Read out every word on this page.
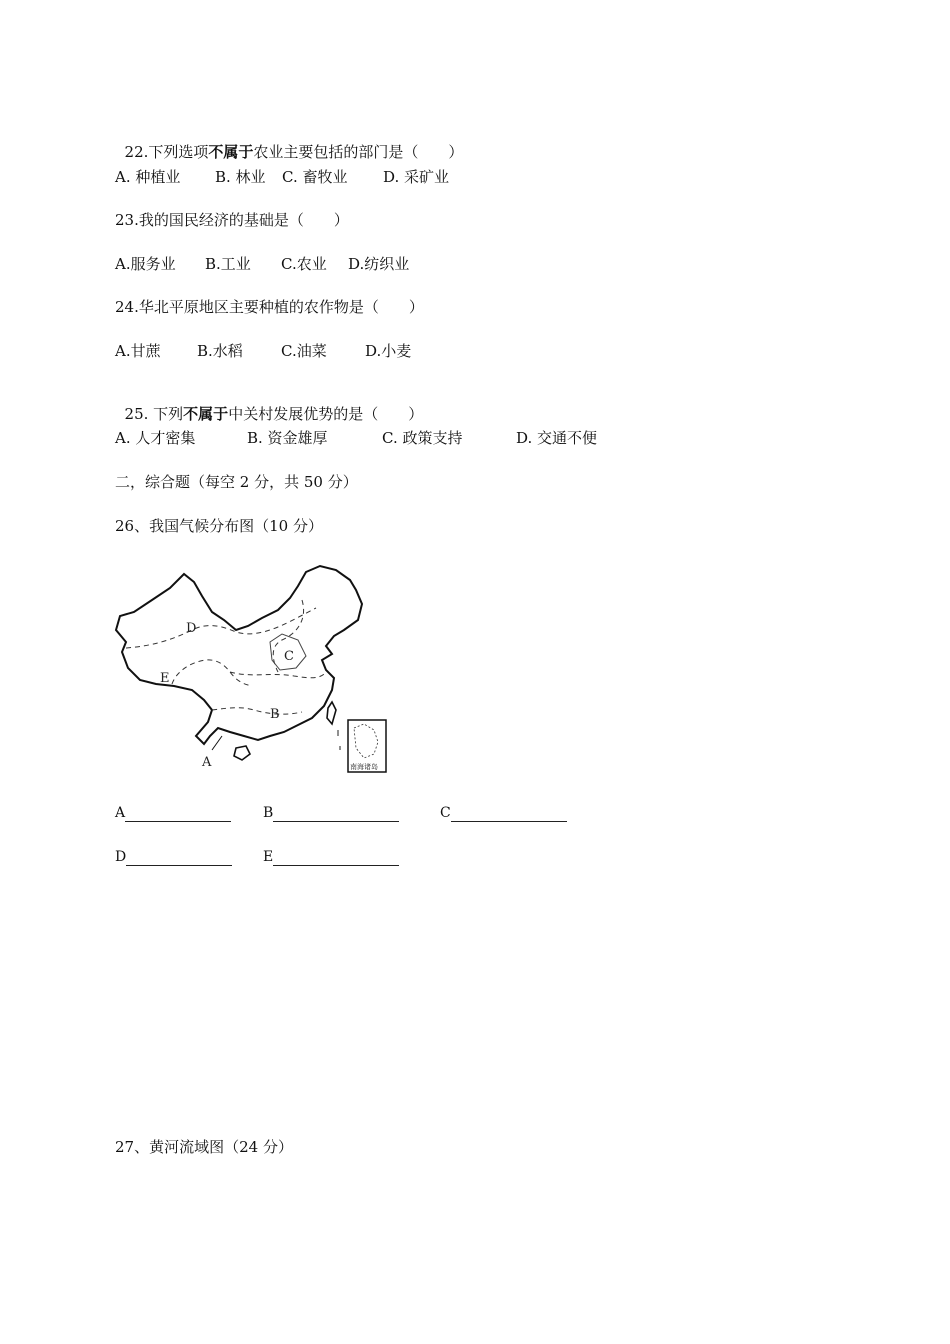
22.下列选项不属于农业主要包括的部门是（　　）

A. 种植业 B. 林业 C. 畜牧业 D. 采矿业
23.我的国民经济的基础是（　　）
A.服务业 B.工业 C.农业 D.纺织业
24.华北平原地区主要种植的农作物是（　　）
A.甘蔗 B.水稻	C.油菜	D.小麦

25. 下列不属于中关村发展优势的是（　　）

A. 人才密集	B. 资金雄厚	C. 政策支持	D. 交通不便
二，综合题（每空 2 分，共 50 分）
26、我国气候分布图（10 分）
D
E
C
B
A	南海诸岛
A	B	C
D	E
27、黄河流域图（24 分）
